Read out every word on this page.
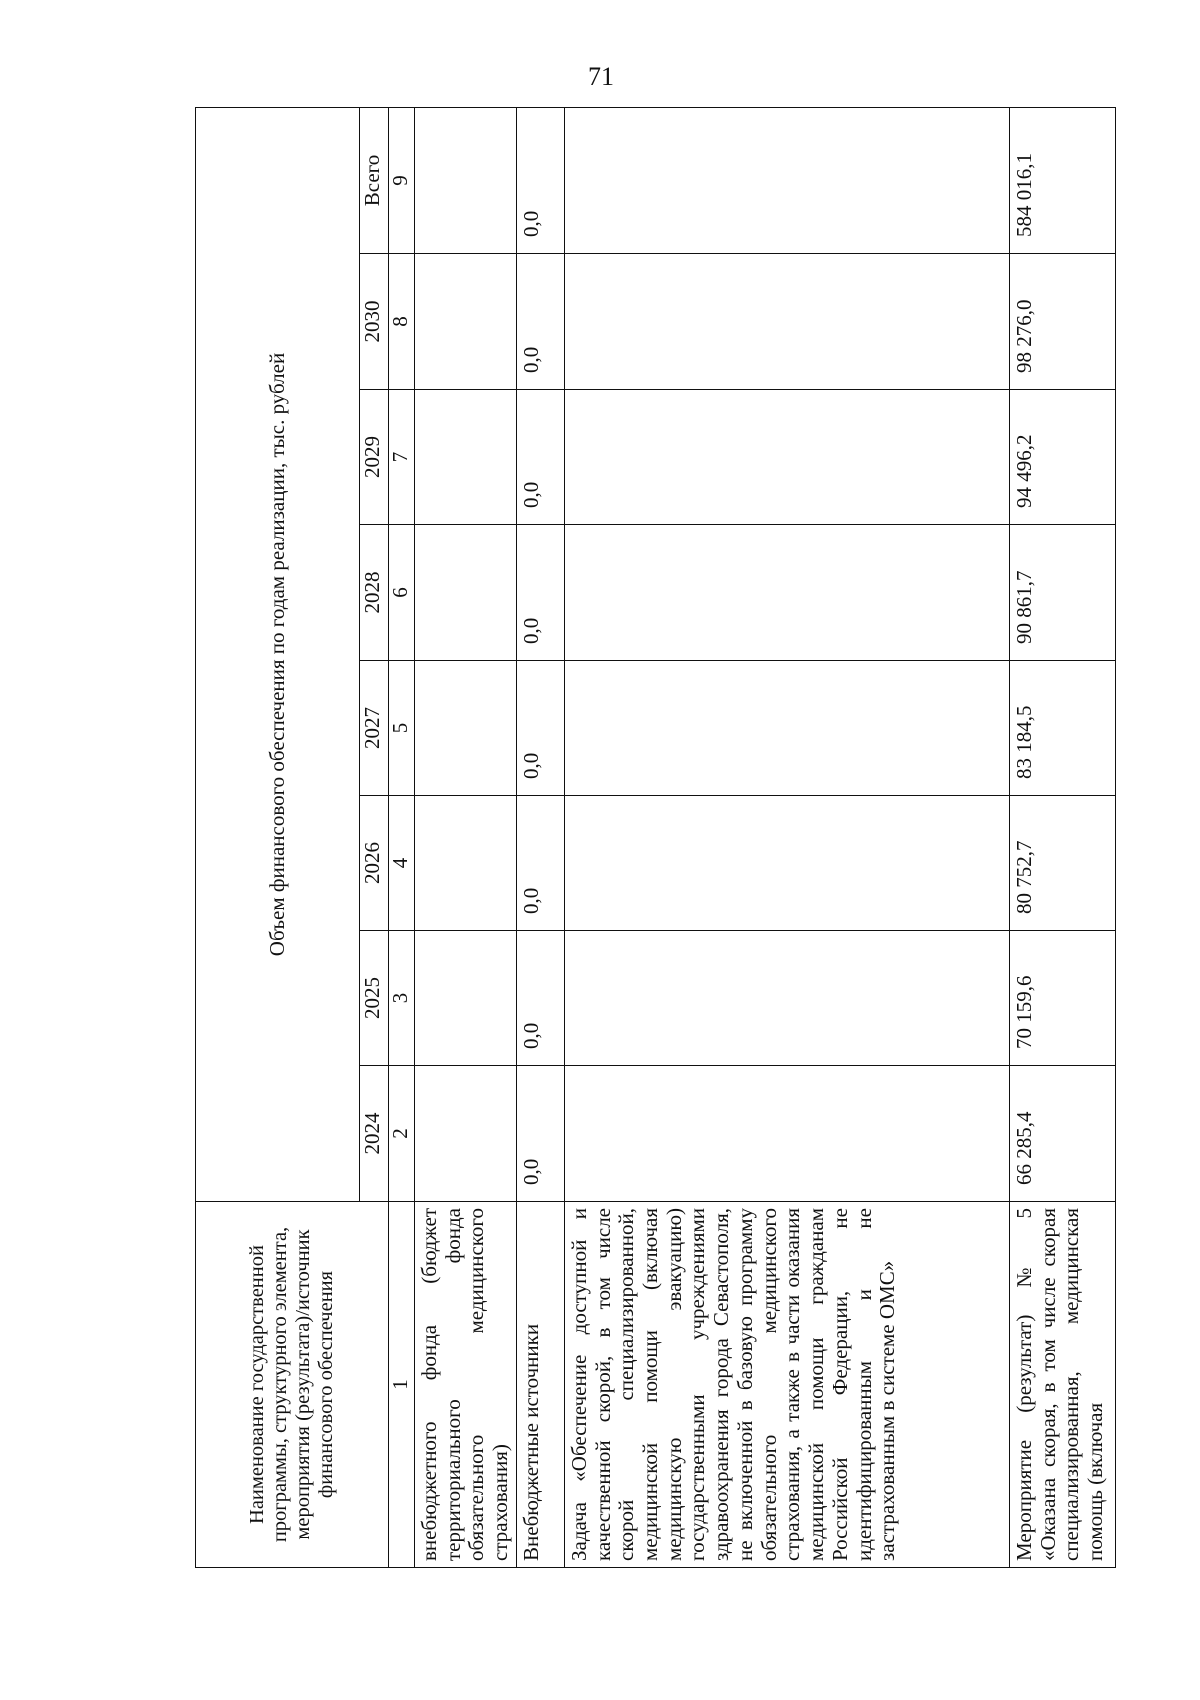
71
Наименование государственной программы, структурного элемента, мероприятия (результата)/источник финансового обеспечения	Объем финансового обеспечения по годам реализации, тыс. рублей							
	2024	2025	2026	2027	2028	2029	2030	Всего
1	2	3	4	5	6	7	8	9
внебюджетного фонда (бюджет территориального фонда обязательного медицинского страхования)								
Внебюджетные источники	0,0	0,0	0,0	0,0	0,0	0,0	0,0	0,0
Задача «Обеспечение доступной и качественной скорой, в том числе скорой специализированной, медицинской помощи (включая медицинскую эвакуацию) государственными учреждениями здравоохранения города Севастополя, не включенной в базовую программу обязательного медицинского страхования, а также в части оказания медицинской помощи гражданам Российской Федерации, не идентифицированным и не застрахованным в системе ОМС»								
Мероприятие (результат) № 5 «Оказана скорая, в том числе скорая специализированная, медицинская помощь (включая	66 285,4	70 159,6	80 752,7	83 184,5	90 861,7	94 496,2	98 276,0	584 016,1
